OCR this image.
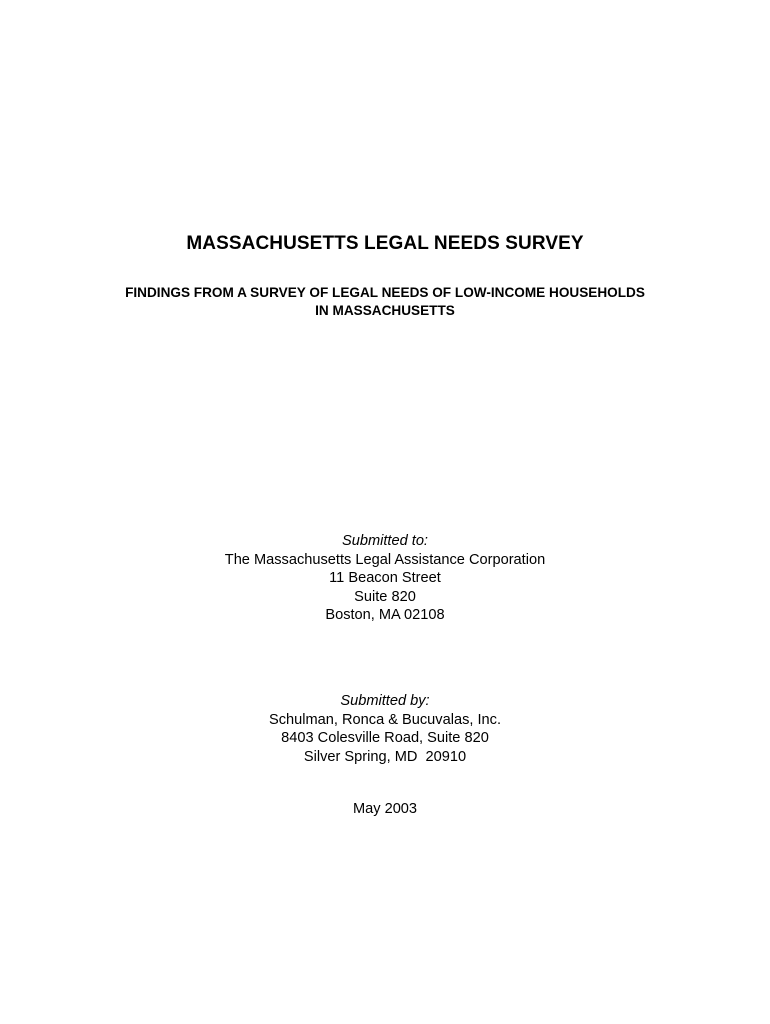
MASSACHUSETTS LEGAL NEEDS SURVEY
FINDINGS FROM A SURVEY OF LEGAL NEEDS OF LOW-INCOME HOUSEHOLDS
IN MASSACHUSETTS
Submitted to:
The Massachusetts Legal Assistance Corporation
11 Beacon Street
Suite 820
Boston, MA 02108
Submitted by:
Schulman, Ronca & Bucuvalas, Inc.
8403 Colesville Road, Suite 820
Silver Spring, MD  20910
May 2003
